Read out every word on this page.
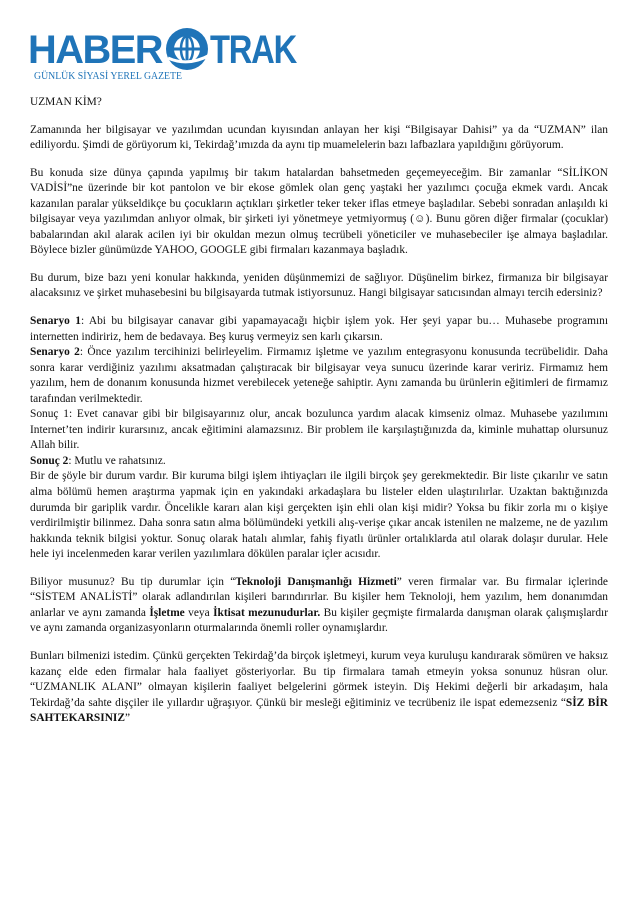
HABER TRAK
GÜNLÜK SİYASİ YEREL GAZETE

UZMAN KİM?

Zamanında her bilgisayar ve yazılımdan ucundan kıyısından anlayan her kişi “Bilgisayar Dahisi” ya da “UZMAN” ilan ediliyordu. Şimdi de görüyorum ki, Tekirdağ’ımızda da aynı tip muamelelerin bazı lafbazlara yapıldığını görüyorum.

Bu konuda size dünya çapında yapılmış bir takım hatalardan bahsetmeden geçemeyeceğim. Bir zamanlar “SİLİKON VADİSİ”ne üzerinde bir kot pantolon ve bir ekose gömlek olan genç yaştaki her yazılımcı çocuğa ekmek vardı. Ancak kazanılan paralar yükseldikçe bu çocukların açtıkları şirketler teker teker iflas etmeye başladılar. Sebebi sonradan anlaşıldı ki bilgisayar veya yazılımdan anlıyor olmak, bir şirketi iyi yönetmeye yetmiyormuş (☺). Bunu gören diğer firmalar (çocuklar) babalarından akıl alarak acilen iyi bir okuldan mezun olmuş tecrübeli yöneticiler ve muhasebeciler işe almaya başladılar. Böylece bizler günümüzde YAHOO, GOOGLE gibi firmaları kazanmaya başladık.

Bu durum, bize bazı yeni konular hakkında, yeniden düşünmemizi de sağlıyor. Düşünelim birkez, firmanıza bir bilgisayar alacaksınız ve şirket muhasebesini bu bilgisayarda tutmak istiyorsunuz. Hangi bilgisayar satıcısından almayı tercih edersiniz?

Senaryo 1: Abi bu bilgisayar canavar gibi yapamayacağı hiçbir işlem yok. Her şeyi yapar bu… Muhasebe programını internetten indiririz, hem de bedavaya. Beş kuruş vermeyiz sen karlı çıkarsın.

Senaryo 2: Önce yazılım tercihinizi belirleyelim. Firmamız işletme ve yazılım entegrasyonu konusunda tecrübelidir. Daha sonra karar verdiğiniz yazılımı aksatmadan çalıştıracak bir bilgisayar veya sunucu üzerinde karar veririz. Firmamız hem yazılım, hem de donanım konusunda hizmet verebilecek yeteneğe sahiptir. Aynı zamanda bu ürünlerin eğitimleri de firmamız tarafından verilmektedir.

Sonuç 1: Evet canavar gibi bir bilgisayarınız olur, ancak bozulunca yardım alacak kimseniz olmaz. Muhasebe yazılımını Internet’ten indirir kurarsınız, ancak eğitimini alamazsınız. Bir problem ile karşılaştığınızda da, kiminle muhattap olursunuz Allah bilir.

Sonuç 2: Mutlu ve rahatsınız.

Bir de şöyle bir durum vardır. Bir kuruma bilgi işlem ihtiyaçları ile ilgili birçok şey gerekmektedir. Bir liste çıkarılır ve satın alma bölümü hemen araştırma yapmak için en yakındaki arkadaşlara bu listeler elden ulaştırılırlar. Uzaktan baktığınızda durumda bir gariplik vardır. Öncelikle kararı alan kişi gerçekten işin ehli olan kişi midir? Yoksa bu fikir zorla mı o kişiye verdirilmiştir bilinmez. Daha sonra satın alma bölümündeki yetkili alış-verişe çıkar ancak istenilen ne malzeme, ne de yazılım hakkında teknik bilgisi yoktur. Sonuç olarak hatalı alımlar, fahiş fiyatlı ürünler ortalıklarda atıl olarak dolaşır durular. Hele hele iyi incelenmeden karar verilen yazılımlara dökülen paralar içler acısıdır.

Biliyor musunuz? Bu tip durumlar için “Teknoloji Danışmanlığı Hizmeti” veren firmalar var. Bu firmalar içlerinde “SİSTEM ANALİSTİ” olarak adlandırılan kişileri barındırırlar. Bu kişiler hem Teknoloji, hem yazılım, hem donanımdan anlarlar ve aynı zamanda İşletme veya İktisat mezunudurlar. Bu kişiler geçmişte firmalarda danışman olarak çalışmışlardır ve aynı zamanda organizasyonların oturmalarında önemli roller oynamışlardır.

Bunları bilmenizi istedim. Çünkü gerçekten Tekirdağ’da birçok işletmeyi, kurum veya kuruluşu kandırarak sömüren ve haksız kazanç elde eden firmalar hala faaliyet gösteriyorlar. Bu tip firmalara tamah etmeyin yoksa sonunuz hüsran olur. “UZMANLIK ALANI” olmayan kişilerin faaliyet belgelerini görmek isteyin. Diş Hekimi değerli bir arkadaşım, hala Tekirdağ’da sahte dişçiler ile yıllardır uğraşıyor. Çünkü bir mesleği eğitiminiz ve tecrübeniz ile ispat edemezseniz “SİZ BİR SAHTEKARSINIZ”
